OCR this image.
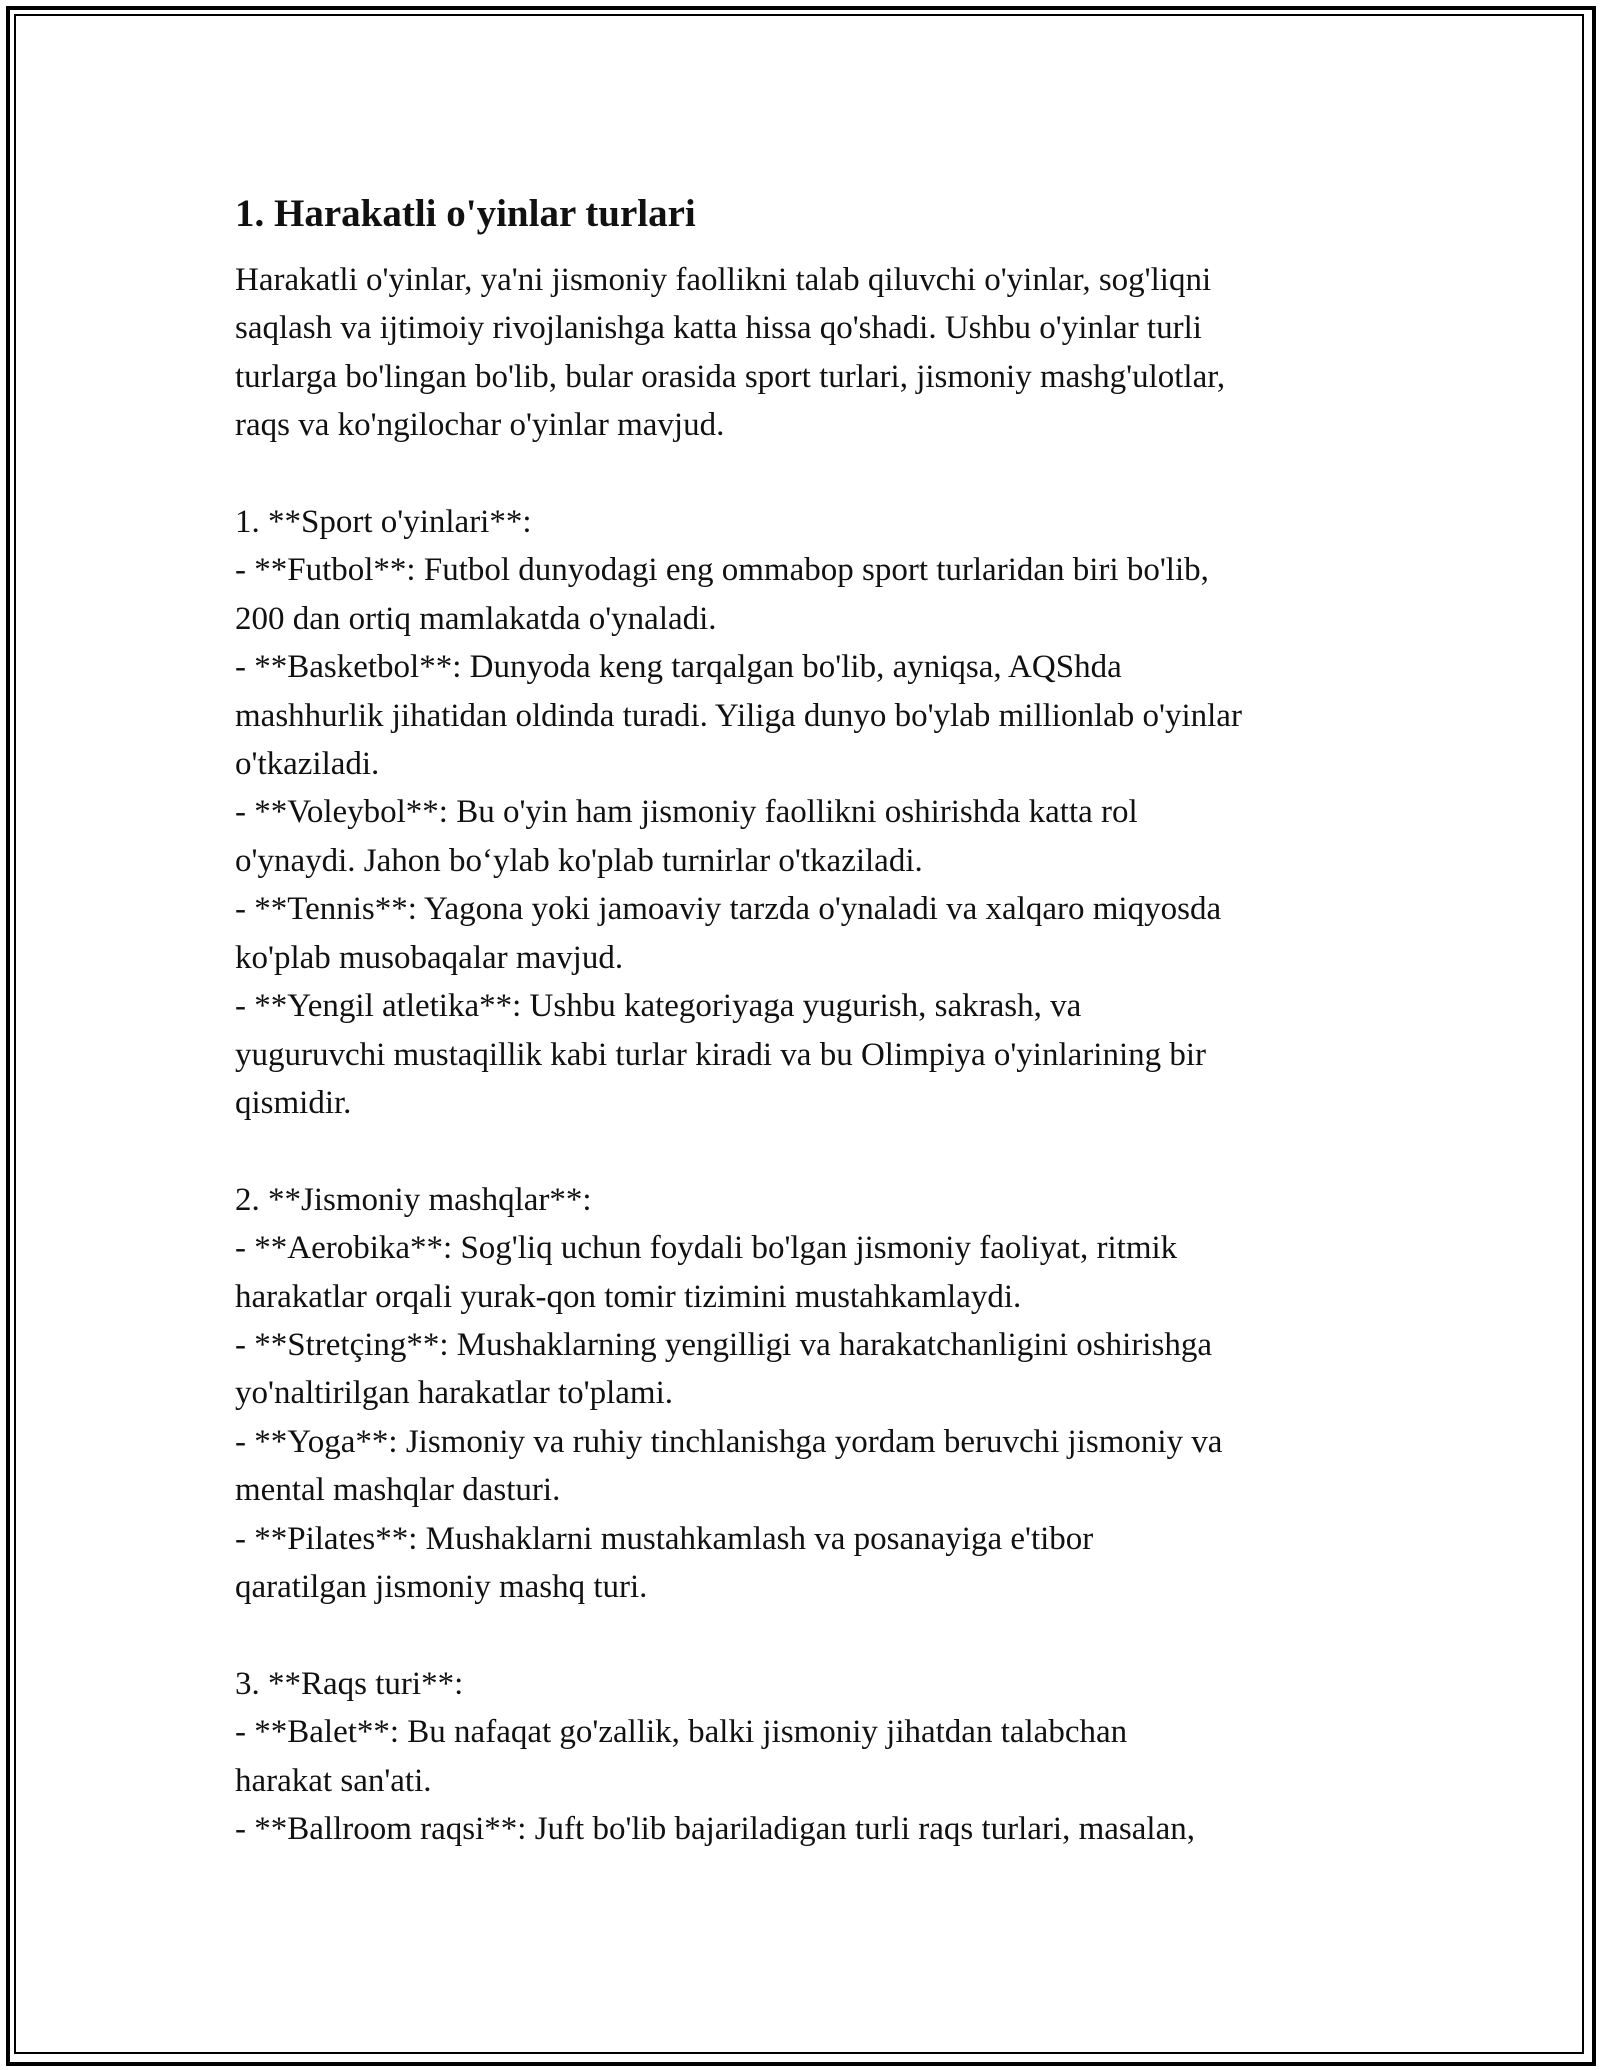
1. Harakatli o'yinlar turlari

Harakatli o'yinlar, ya'ni jismoniy faollikni talab qiluvchi o'yinlar, sog'liqni
saqlash va ijtimoiy rivojlanishga katta hissa qo'shadi. Ushbu o'yinlar turli
turlarga bo'lingan bo'lib, bular orasida sport turlari, jismoniy mashg'ulotlar,
raqs va ko'ngilochar o'yinlar mavjud.

1. **Sport o'yinlari**:
- **Futbol**: Futbol dunyodagi eng ommabop sport turlaridan biri bo'lib,
200 dan ortiq mamlakatda o'ynaladi.
- **Basketbol**: Dunyoda keng tarqalgan bo'lib, ayniqsa, AQShda
mashhurlik jihatidan oldinda turadi. Yiliga dunyo bo'ylab millionlab o'yinlar
o'tkaziladi.
- **Voleybol**: Bu o'yin ham jismoniy faollikni oshirishda katta rol
o'ynaydi. Jahon bo‘ylab ko'plab turnirlar o'tkaziladi.
- **Tennis**: Yagona yoki jamoaviy tarzda o'ynaladi va xalqaro miqyosda
ko'plab musobaqalar mavjud.
- **Yengil atletika**: Ushbu kategoriyaga yugurish, sakrash, va
yuguruvchi mustaqillik kabi turlar kiradi va bu Olimpiya o'yinlarining bir
qismidir.

2. **Jismoniy mashqlar**:
- **Aerobika**: Sog'liq uchun foydali bo'lgan jismoniy faoliyat, ritmik
harakatlar orqali yurak-qon tomir tizimini mustahkamlaydi.
- **Stretçing**: Mushaklarning yengilligi va harakatchanligini oshirishga
yo'naltirilgan harakatlar to'plami.
- **Yoga**: Jismoniy va ruhiy tinchlanishga yordam beruvchi jismoniy va
mental mashqlar dasturi.
- **Pilates**: Mushaklarni mustahkamlash va posanayiga e'tibor
qaratilgan jismoniy mashq turi.

3. **Raqs turi**:
- **Balet**: Bu nafaqat go'zallik, balki jismoniy jihatdan talabchan
harakat san'ati.
- **Ballroom raqsi**: Juft bo'lib bajariladigan turli raqs turlari, masalan,
